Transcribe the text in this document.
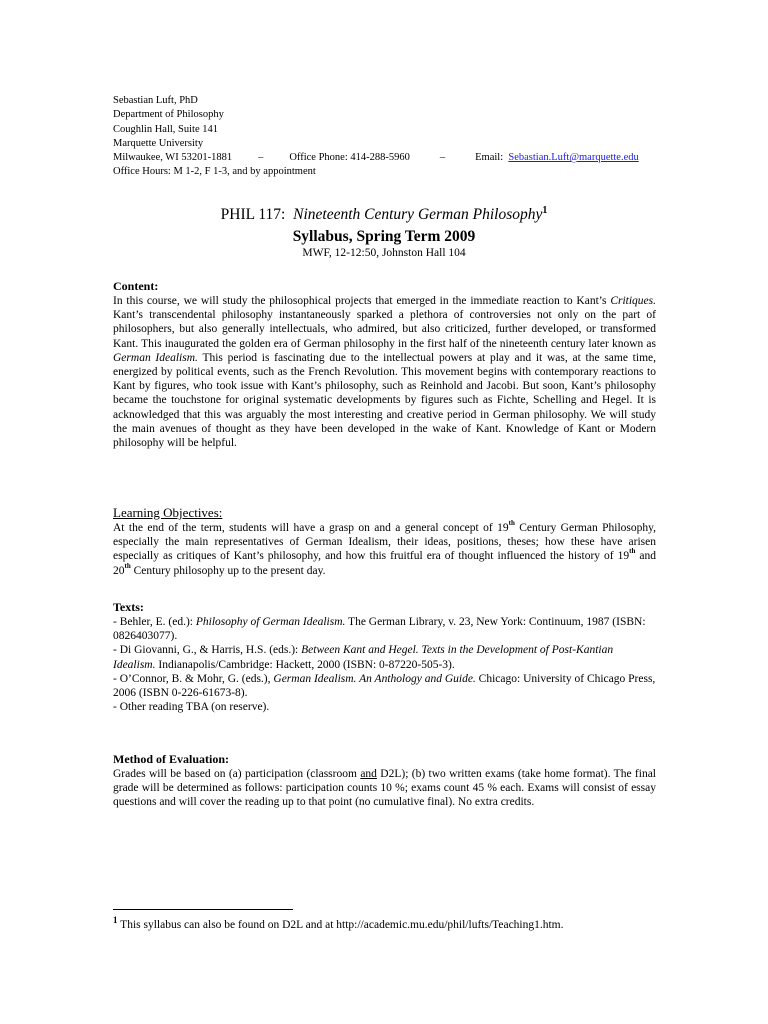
Sebastian Luft, PhD
Department of Philosophy
Coughlin Hall, Suite 141
Marquette University
Milwaukee, WI 53201-1881 – Office Phone: 414-288-5960	–	Email: Sebastian.Luft@marquette.edu
Office Hours: M 1-2, F 1-3, and by appointment
PHIL 117: Nineteenth Century German Philosophy$^1$
Syllabus, Spring Term 2009
MWF, 12-12:50, Johnston Hall 104
Content:

In this course, we will study the philosophical projects that emerged in the immediate reaction to Kant’s Critiques. Kant’s transcendental philosophy instantaneously sparked a plethora of controversies not only on the part of philosophers, but also generally intellectuals, who admired, but also criticized, further developed, or transformed Kant. This inaugurated the golden era of German philosophy in the first half of the nineteenth century later known as German Idealism. This period is fascinating due to the intellectual powers at play and it was, at the same time, energized by political events, such as the French Revolution. This movement begins with contemporary reactions to Kant by figures, who took issue with Kant’s philosophy, such as Reinhold and Jacobi. But soon, Kant’s philosophy became the touchstone for original systematic developments by figures such as Fichte, Schelling and Hegel. It is acknowledged that this was arguably the most interesting and creative period in German philosophy. We will study the main avenues of thought as they have been developed in the wake of Kant. Knowledge of Kant or Modern philosophy will be helpful.

Learning Objectives:

At the end of the term, students will have a grasp on and a general concept of 19th Century German Philosophy, especially the main representatives of German Idealism, their ideas, positions, theses; how these have arisen especially as critiques of Kant’s philosophy, and how this fruitful era of thought influenced the history of 19th and 20th Century philosophy up to the present day.

Texts:
- Behler, E. (ed.): Philosophy of German Idealism. The German Library, v. 23, New York: Continuum, 1987 (ISBN: 0826403077).
- Di Giovanni, G., & Harris, H.S. (eds.): Between Kant and Hegel. Texts in the Development of Post-Kantian Idealism. Indianapolis/Cambridge: Hackett, 2000 (ISBN: 0-87220-505-3).
- O’Connor, B. & Mohr, G. (eds.), German Idealism. An Anthology and Guide. Chicago: University of Chicago Press, 2006 (ISBN 0-226-61673-8).
- Other reading TBA (on reserve).
Method of Evaluation:

Grades will be based on (a) participation (classroom and D2L); (b) two written exams (take home format). The final grade will be determined as follows: participation counts 10 %; exams count 45 % each. Exams will consist of essay questions and will cover the reading up to that point (no cumulative final). No extra credits.

$^1$ This syllabus can also be found on D2L and at http://academic.mu.edu/phil/lufts/Teaching1.htm.
